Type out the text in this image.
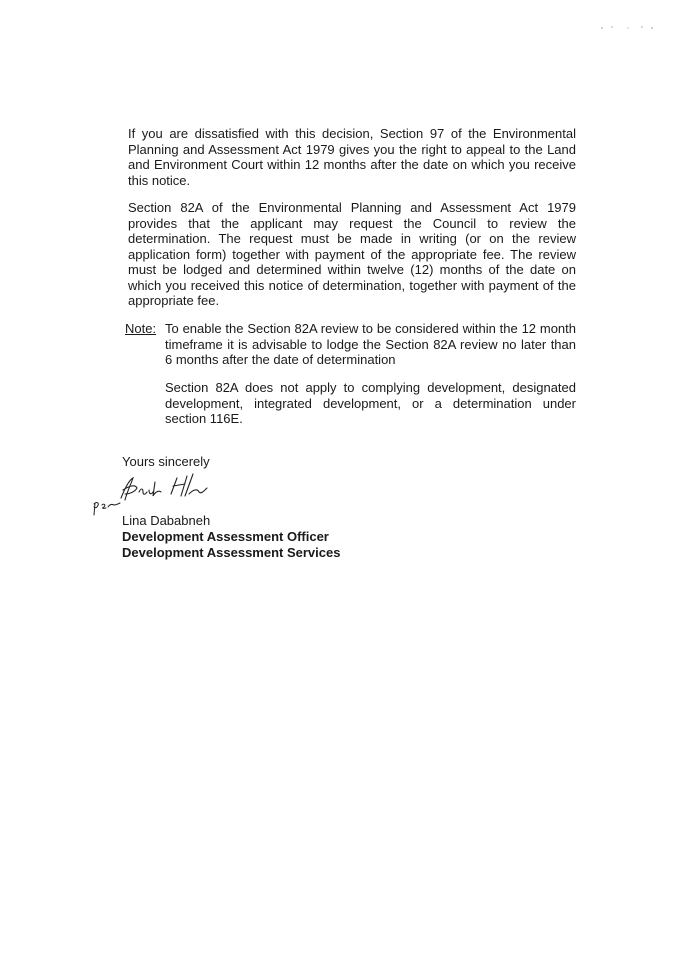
If you are dissatisfied with this decision, Section 97 of the Environmental Planning and Assessment Act 1979 gives you the right to appeal to the Land and Environment Court within 12 months after the date on which you receive this notice.

Section 82A of the Environmental Planning and Assessment Act 1979 provides that the applicant may request the Council to review the determination. The request must be made in writing (or on the review application form) together with payment of the appropriate fee. The review must be lodged and determined within twelve (12) months of the date on which you received this notice of determination, together with payment of the appropriate fee.

Note: To enable the Section 82A review to be considered within the 12 month timeframe it is advisable to lodge the Section 82A review no later than 6 months after the date of determination

Section 82A does not apply to complying development, designated development, integrated development, or a determination under section 116E.

Yours sincerely
Lina Dababneh
Development Assessment Officer
Development Assessment Services
